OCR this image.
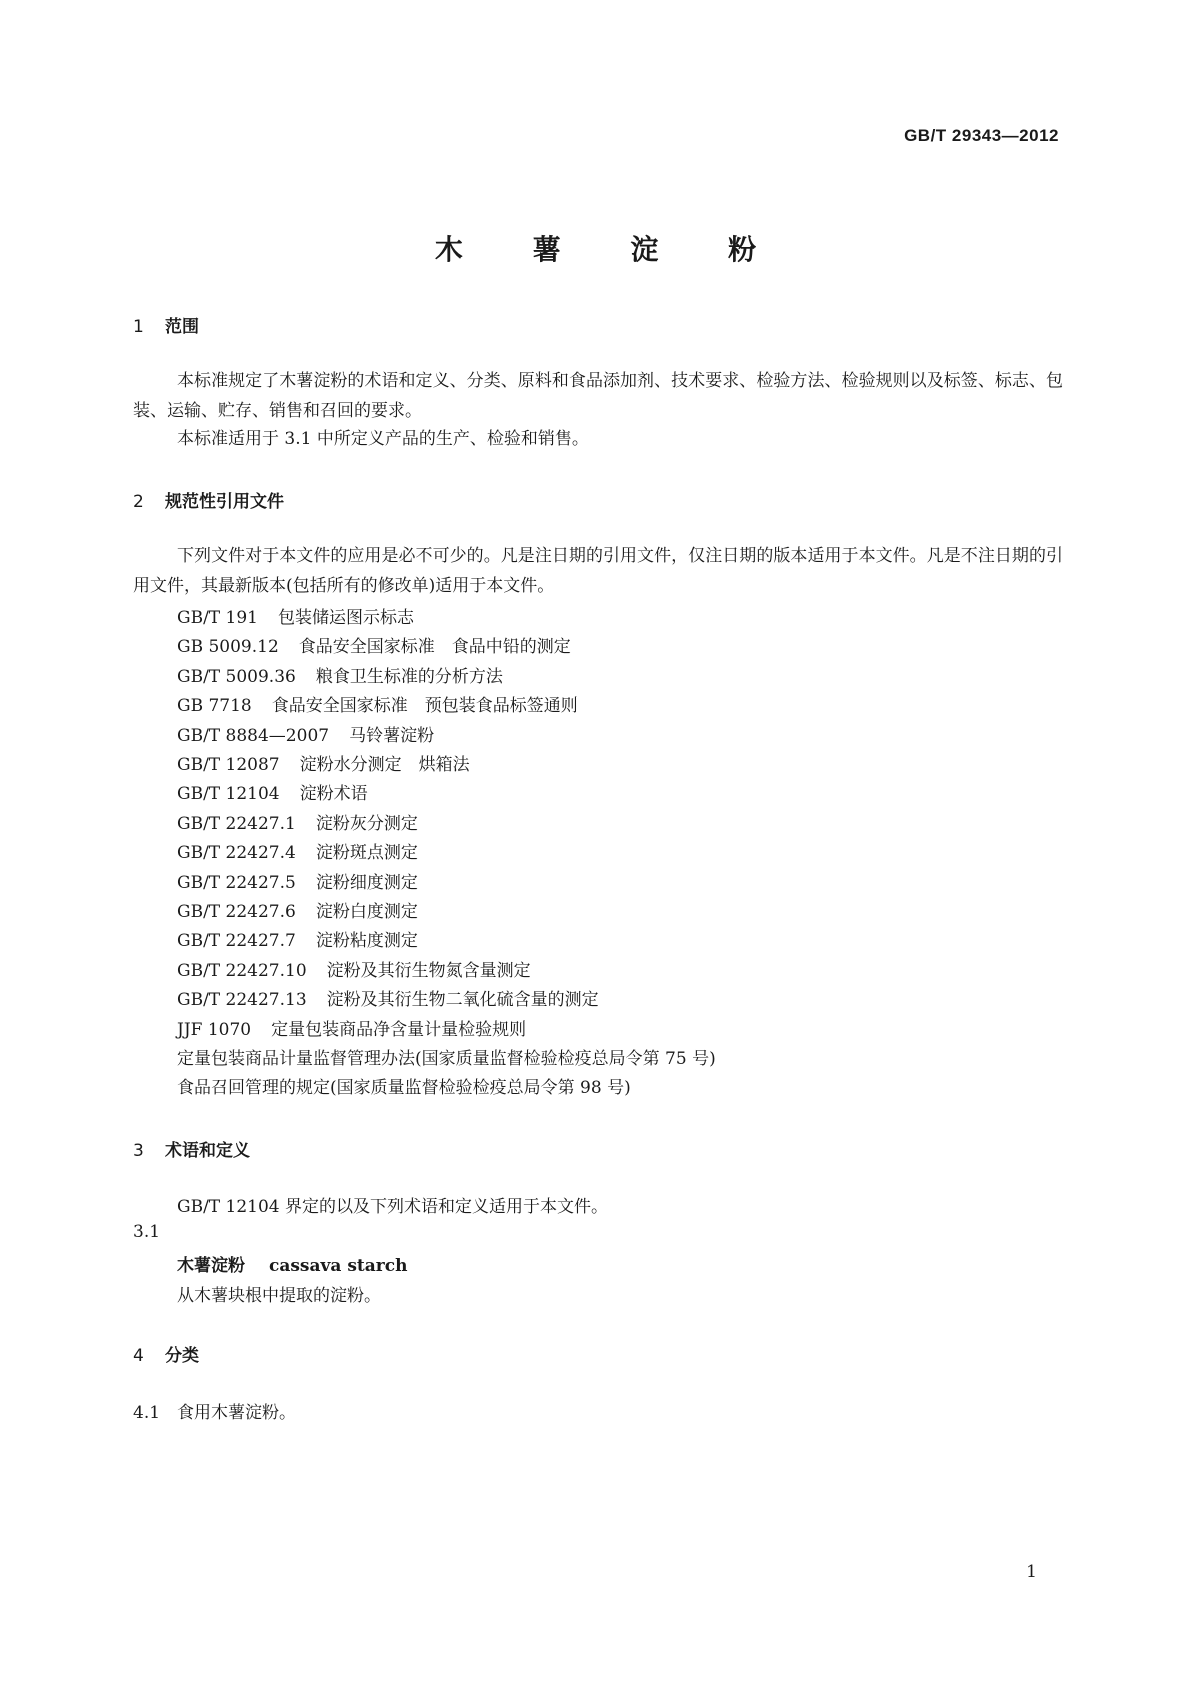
GB/T 29343—2012
木 薯 淀 粉
1 范围
本标准规定了木薯淀粉的术语和定义、分类、原料和食品添加剂、技术要求、检验方法、检验规则以及标签、标志、包装、运输、贮存、销售和召回的要求。
本标准适用于 3.1 中所定义产品的生产、检验和销售。
2 规范性引用文件
下列文件对于本文件的应用是必不可少的。凡是注日期的引用文件，仅注日期的版本适用于本文件。凡是不注日期的引用文件，其最新版本(包括所有的修改单)适用于本文件。
GB/T 191 包装储运图示标志
GB 5009.12 食品安全国家标准　食品中铅的测定
GB/T 5009.36 粮食卫生标准的分析方法
GB 7718 食品安全国家标准　预包装食品标签通则
GB/T 8884—2007 马铃薯淀粉
GB/T 12087 淀粉水分测定　烘箱法
GB/T 12104 淀粉术语
GB/T 22427.1 淀粉灰分测定
GB/T 22427.4 淀粉斑点测定
GB/T 22427.5 淀粉细度测定
GB/T 22427.6 淀粉白度测定
GB/T 22427.7 淀粉粘度测定
GB/T 22427.10 淀粉及其衍生物氮含量测定
GB/T 22427.13 淀粉及其衍生物二氧化硫含量的测定
JJF 1070 定量包装商品净含量计量检验规则
定量包装商品计量监督管理办法(国家质量监督检验检疫总局令第 75 号)
食品召回管理的规定(国家质量监督检验检疫总局令第 98 号)
3 术语和定义
GB/T 12104 界定的以及下列术语和定义适用于本文件。
3.1
木薯淀粉 cassava starch
从木薯块根中提取的淀粉。
4 分类
4.1 食用木薯淀粉。
1
